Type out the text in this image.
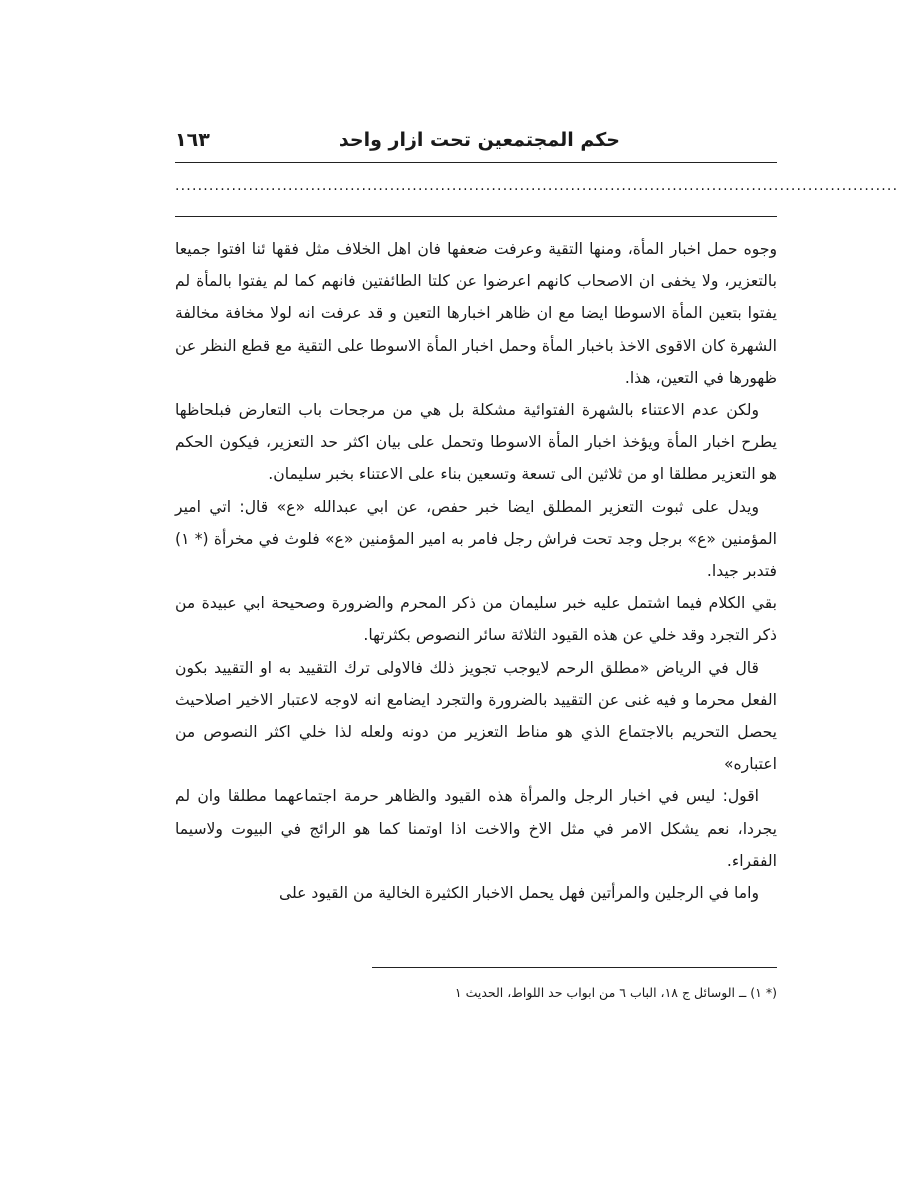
حكم المجتمعين تحت ازار واحد
١٦٣
................................................................................................................................

وجوه حمل اخبار المأة، ومنها التقية وعرفت ضعفها فان اهل الخلاف مثل فقها ئنا افتوا جميعا بالتعزير، ولا يخفى ان الاصحاب كانهم اعرضوا عن كلتا الطائفتين فانهم كما لم يفتوا بالمأة لم يفتوا بتعين المأة الاسوطا ايضا مع ان ظاهر اخبارها التعين و قد عرفت انه لولا مخافة مخالفة الشهرة كان الاقوى الاخذ باخبار المأة وحمل اخبار المأة الاسوطا على التقية مع قطع النظر عن ظهورها في التعين، هذا.

ولكن عدم الاعتناء بالشهرة الفتوائية مشكلة بل هي من مرجحات باب التعارض فبلحاظها يطرح اخبار المأة ويؤخذ اخبار المأة الاسوطا وتحمل على بيان اكثر حد التعزير، فيكون الحكم هو التعزير مطلقا او من ثلاثين الى تسعة وتسعين بناء على الاعتناء بخبر سليمان.

ويدل على ثبوت التعزير المطلق ايضا خبر حفص، عن ابي عبدالله «ع» قال: اتي امير المؤمنين «ع» برجل وجد تحت فراش رجل فامر به امير المؤمنين «ع» فلوث في مخرأة (* ١) فتدبر جيدا.

بقي الكلام فيما اشتمل عليه خبر سليمان من ذكر المحرم والضرورة وصحيحة ابي عبيدة من ذكر التجرد وقد خلي عن هذه القيود الثلاثة سائر النصوص بكثرتها.

قال في الرياض «مطلق الرحم لايوجب تجويز ذلك فالاولى ترك التقييد به او التقييد بكون الفعل محرما و فيه غنى عن التقييد بالضرورة والتجرد ايضامع انه لاوجه لاعتبار الاخير اصلاحيث يحصل التحريم بالاجتماع الذي هو مناط التعزير من دونه ولعله لذا خلي اكثر النصوص من اعتباره»

اقول: ليس في اخبار الرجل والمرأة هذه القيود والظاهر حرمة اجتماعهما مطلقا وان لم يجردا، نعم يشكل الامر في مثل الاخ والاخت اذا اوتمنا كما هو الرائج في البيوت ولاسيما الفقراء.

واما في الرجلين والمرأتين فهل يحمل الاخبار الكثيرة الخالية من القيود على

(* ١) ــ الوسائل ج ١٨، الباب ٦ من ابواب حد اللواط، الحديث ١
